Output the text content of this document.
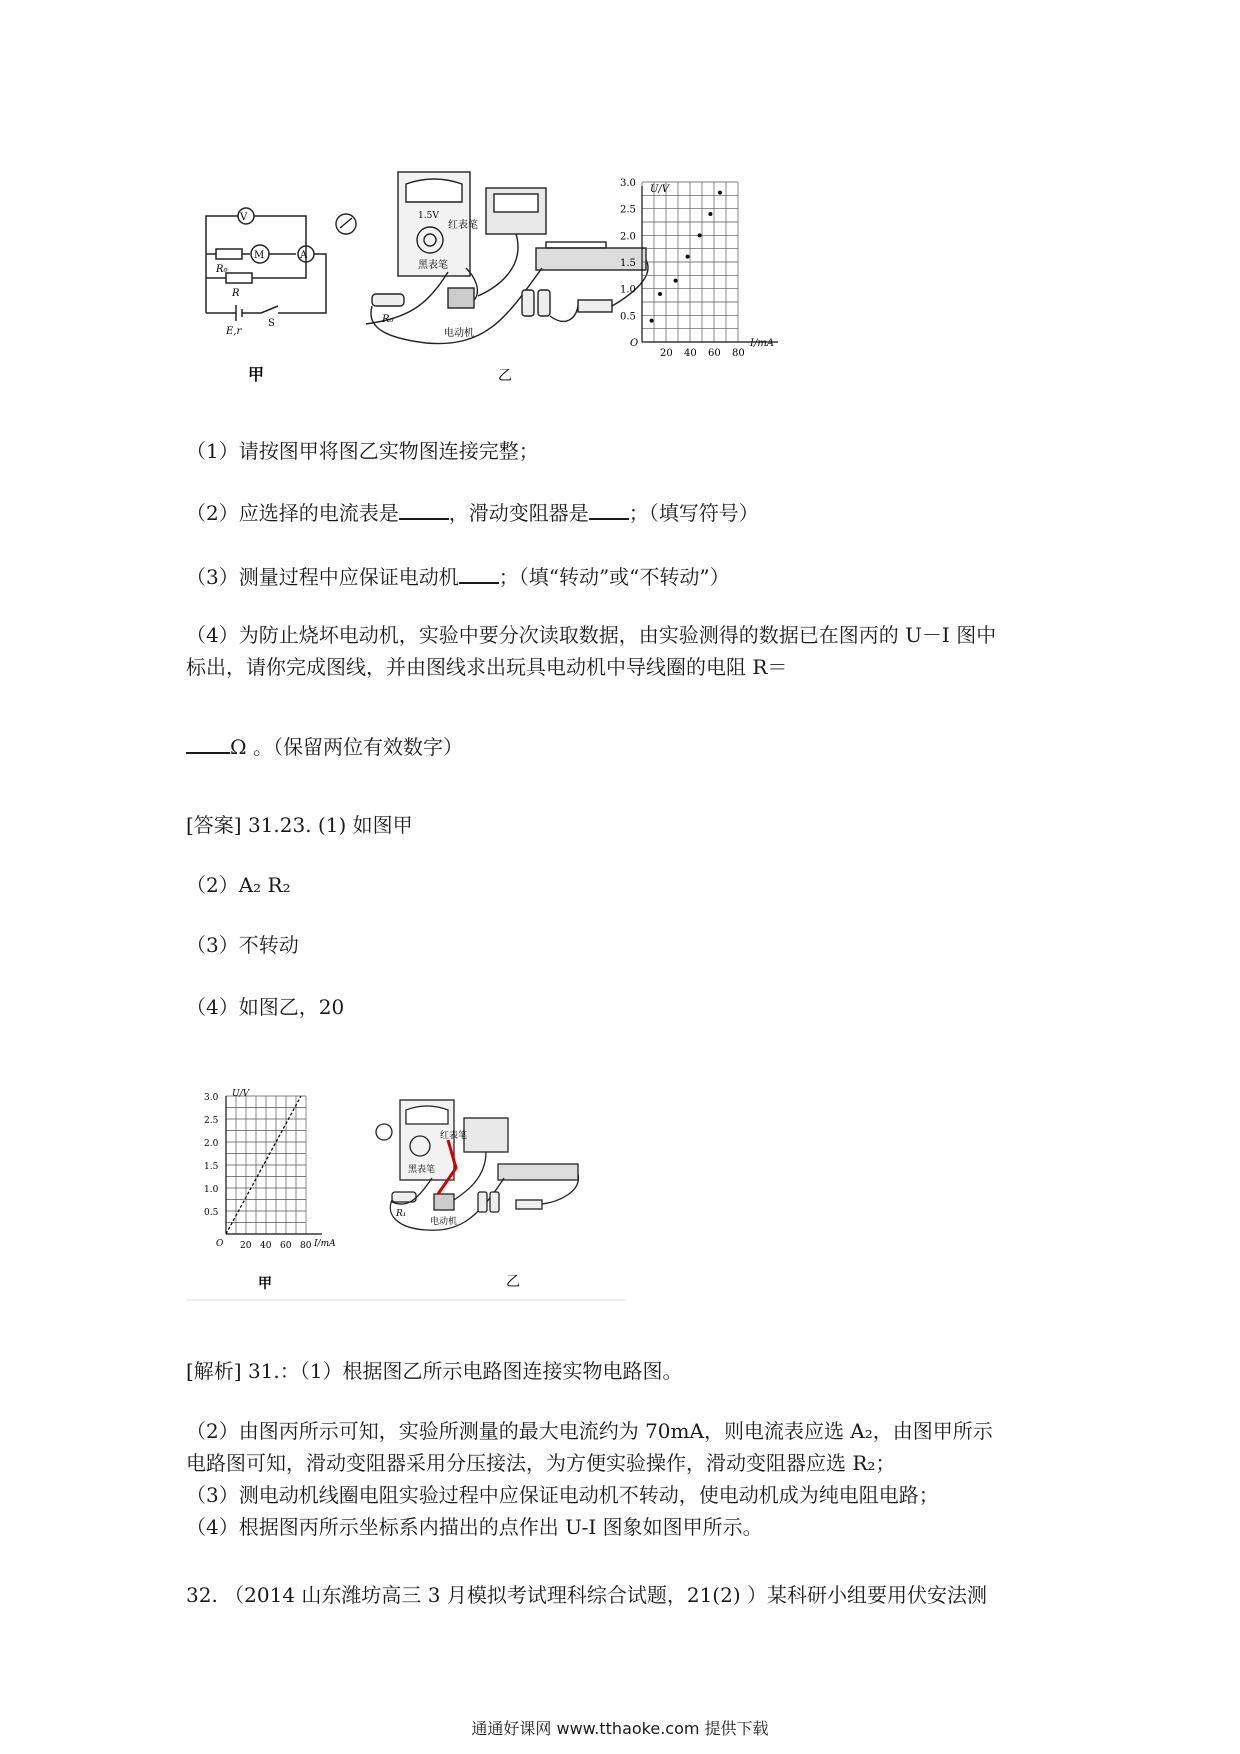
V
M	A
R₀
R
E,r
S
甲
1.5V
红表笔
黑表笔
R₀
电动机
乙
3.0
2.5
2.0
1.5
1.0
0.5
20 40 60 80
U/V
I/mA
O
（1）请按图甲将图乙实物图连接完整；
（2）应选择的电流表是	，滑动变阻器是 ；（填写符号）
（3）测量过程中应保证电动机 ；（填“转动”或“不转动”）
（4）为防止烧坏电动机，实验中要分次读取数据，由实验测得的数据已在图丙的 U－I 图中
标出，请你完成图线，并由图线求出玩具电动机中导线圈的电阻 R＝
Ω 。（保留两位有效数字）
[答案] 31.23. (1) 如图甲
（2）A₂ R₂
（3）不转动
（4）如图乙，20
3.0
2.5
2.0
1.5
1.0
0.5
20 40 60 80
U/V
I/mA
O
甲
红表笔
黑表笔
R₁
电动机
乙
[解析] 31.：（1）根据图乙所示电路图连接实物电路图。
（2）由图丙所示可知，实验所测量的最大电流约为 70mA，则电流表应选 A₂，由图甲所示
电路图可知，滑动变阻器采用分压接法，为方便实验操作，滑动变阻器应选 R₂；
（3）测电动机线圈电阻实验过程中应保证电动机不转动，使电动机成为纯电阻电路；
（4）根据图丙所示坐标系内描出的点作出 U-I 图象如图甲所示。
32. （2014 山东潍坊高三 3 月模拟考试理科综合试题，21(2) ）某科研小组要用伏安法测
通通好课网 www.tthaoke.com 提供下载
